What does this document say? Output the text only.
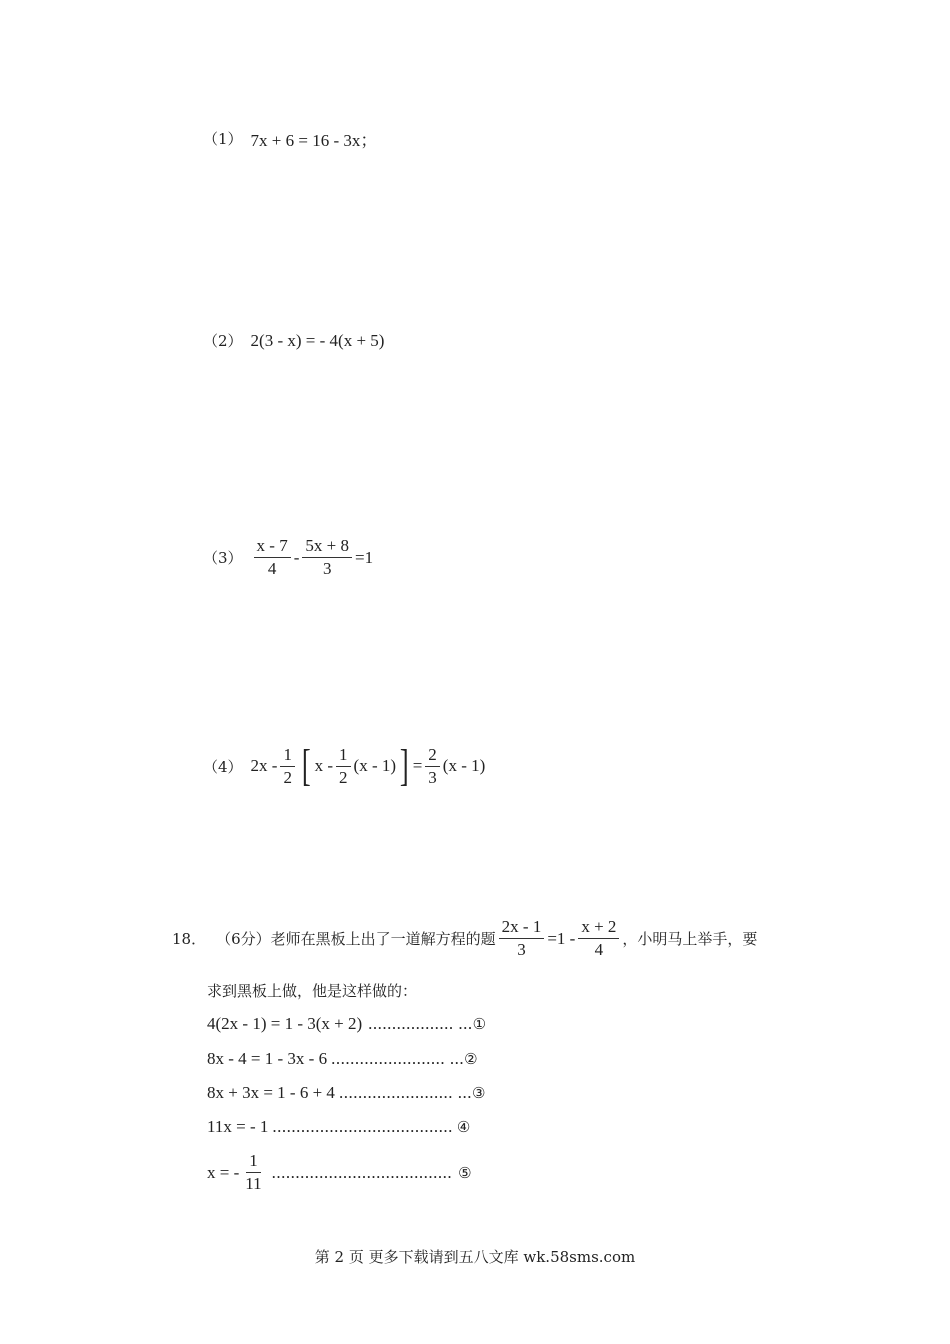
（1） 7x + 6 = 16 - 3x；
（2） 2(3 - x) = - 4(x + 5)
$(3) \frac{x - 7}{4} - \frac{5x + 8}{3} =1$
（4） $2x - \frac{1}{2}$ [ x - $\frac{1}{2} (x - 1)$ ] = $\frac{2}{3} (x - 1)$
18． （6分） 老师在黑板上出了一道解方程的题 $\frac{2x - 1}{3} =1 - \frac{x + 2}{4}$ ，小明马上举手，要
求到黑板上做，他是这样做的：
4(2x - 1) = 1 - 3(x + 2) .................. ... ①
8x - 4 = 1 - 3x - 6 ........................ ... ②
8x + 3x = 1 - 6 + 4 ........................ ... ③
11x = - 1 ...................................... ④
x = - $\frac{1}{11}$ ...................................... ⑤
第 2 页 更多下载请到五八文库 wk.58sms.com
